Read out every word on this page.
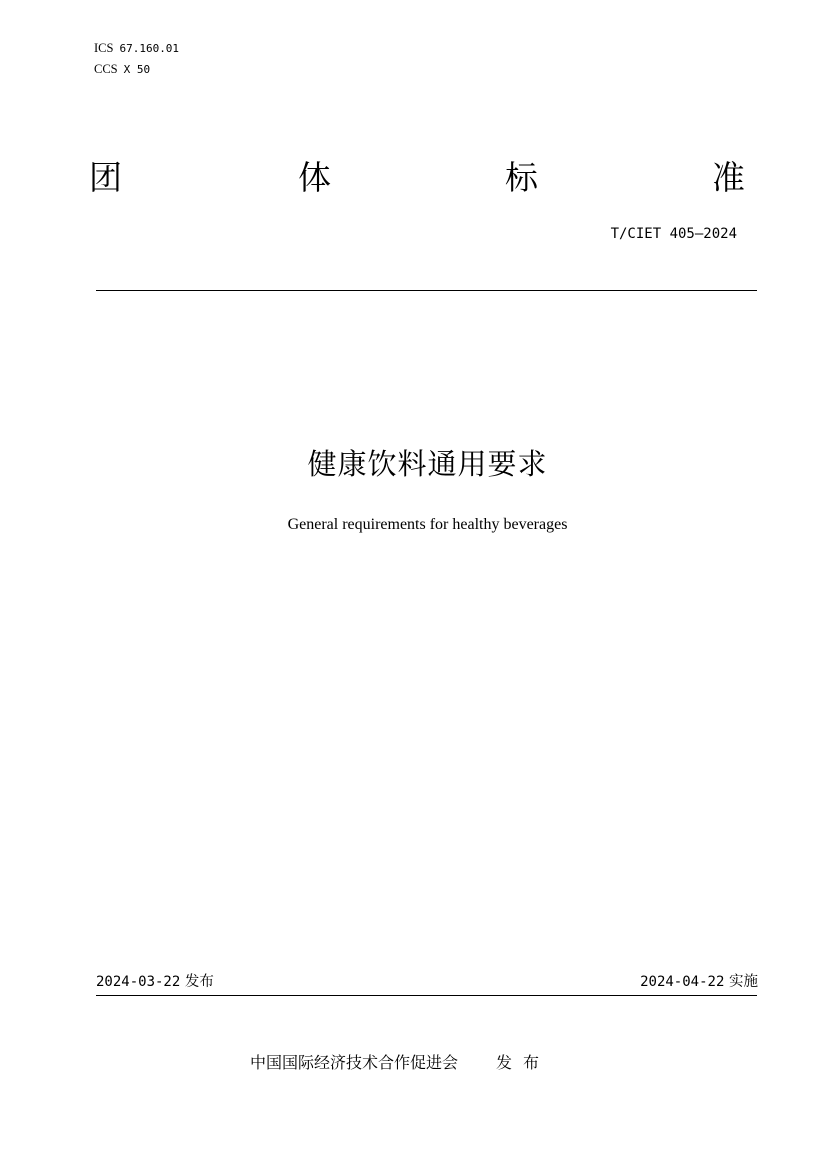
ICS 67.160.01
CCS X 50
团	体	标	准
T/CIET 405—2024
健康饮料通用要求
General requirements for healthy beverages
2024-03-22 发布	2024-04-22 实施
中国国际经济技术合作促进会 发布
